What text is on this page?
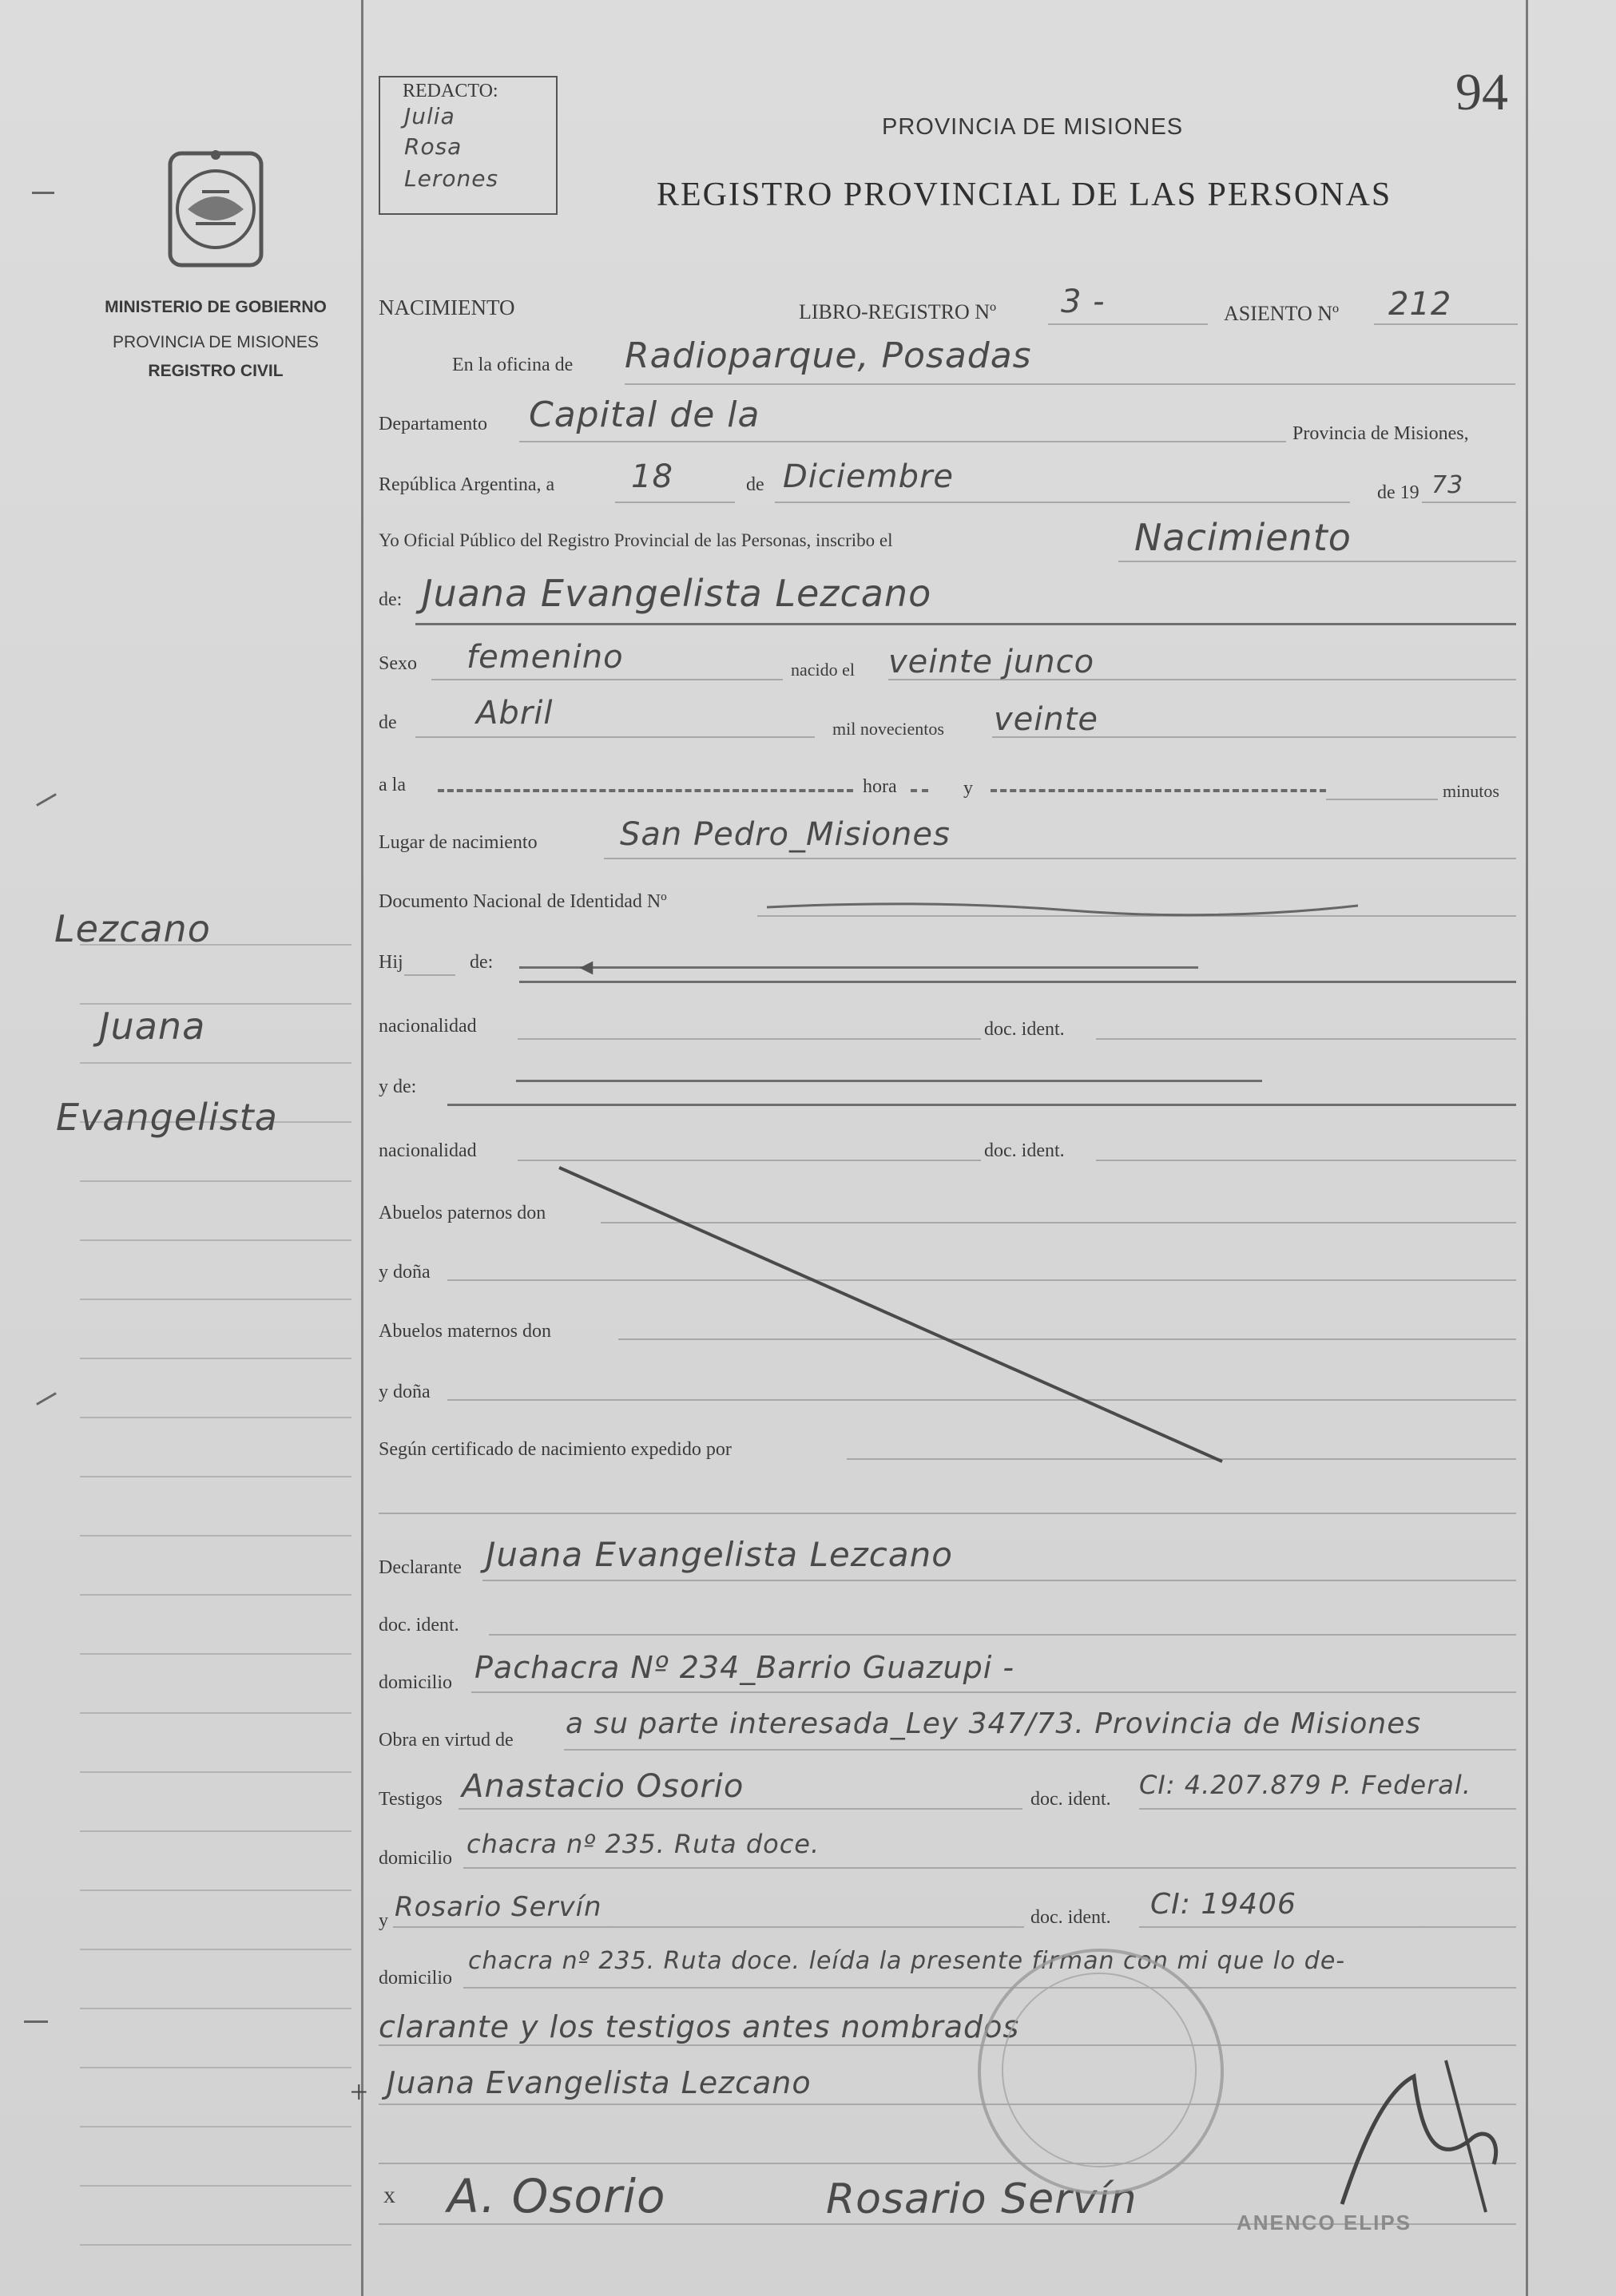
REDACTO:
Julia
Rosa
Lerones
PROVINCIA DE MISIONES
REGISTRO PROVINCIAL DE LAS PERSONAS
94
MINISTERIO DE GOBIERNO
PROVINCIA DE MISIONES
REGISTRO CIVIL
Lezcano
Juana
Evangelista
NACIMIENTO	LIBRO-REGISTRO Nº 3 -	ASIENTO Nº 212
En la oficina de Radioparque, Posadas
Departamento Capital de la	Provincia de Misiones,
República Argentina, a 18	de Diciembre	de 19 73
Yo Oficial Público del Registro Provincial de las Personas, inscribo el	Nacimiento
de: Juana Evangelista Lezcano
Sexo femenino	nacido el veinte junco
de Abril	mil novecientos veinte
a la	hora	y	minutos
Lugar de nacimiento	San Pedro_Misiones
Documento Nacional de Identidad Nº
Hij	de:	◄
nacionalidad	doc. ident.
y de:
nacionalidad	doc. ident.
Abuelos paternos don
y doña
Abuelos maternos don
y doña
Según certificado de nacimiento expedido por
Declarante Juana Evangelista Lezcano
doc. ident.
domicilio Pachacra Nº 234_Barrio Guazupi -
Obra en virtud de a su parte interesada_Ley 347/73. Provincia de Misiones
Testigos Anastacio Osorio	doc. ident. CI: 4.207.879 P. Federal.
domicilio chacra nº 235. Ruta doce.
y Rosario Servín	doc. ident. CI: 19406
domicilio
chacra nº 235. Ruta doce. leída la presente firman con mi que lo de-
clarante y los testigos antes nombrados
+ Juana Evangelista Lezcano
x A. Osorio	Rosario Servín	ANENCO ELIPS
